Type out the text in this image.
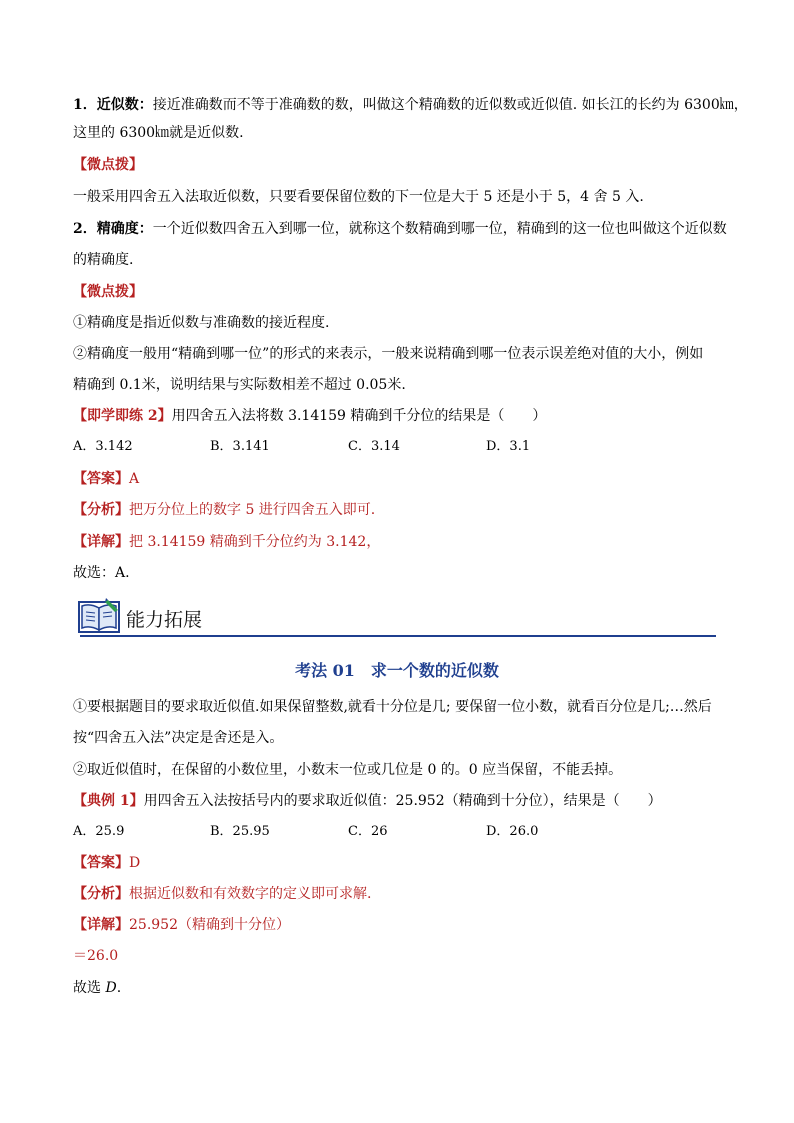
1．近似数：接近准确数而不等于准确数的数，叫做这个精确数的近似数或近似值. 如长江的长约为 6300㎞，
这里的 6300㎞就是近似数.
【微点拨】
一般采用四舍五入法取近似数，只要看要保留位数的下一位是大于 5 还是小于 5，4 舍 5 入.
2．精确度：一个近似数四舍五入到哪一位，就称这个数精确到哪一位，精确到的这一位也叫做这个近似数
的精确度.
【微点拨】
①精确度是指近似数与准确数的接近程度.
②精确度一般用“精确到哪一位”的形式的来表示，一般来说精确到哪一位表示误差绝对值的大小，例如
精确到 0.1米，说明结果与实际数相差不超过 0.05米.
【即学即练 2】用四舍五入法将数 3.14159 精确到千分位的结果是（　　）
A．3.142	B．3.141	C．3.14	D．3.1
【答案】A
【分析】把万分位上的数字 5 进行四舍五入即可.
【详解】把 3.14159 精确到千分位约为 3.142，
故选：A.
能力拓展
考法 01　求一个数的近似数
①要根据题目的要求取近似值.如果保留整数,就看十分位是几; 要保留一位小数，就看百分位是几;…然后
按“四舍五入法”决定是舍还是入。
②取近似值时，在保留的小数位里，小数末一位或几位是 0 的。0 应当保留，不能丢掉。
【典例 1】用四舍五入法按括号内的要求取近似值：25.952（精确到十分位），结果是（　　）
A．25.9	B．25.95	C．26	D．26.0
【答案】D
【分析】根据近似数和有效数字的定义即可求解.
【详解】25.952（精确到十分位）
＝26.0
故选 D.
